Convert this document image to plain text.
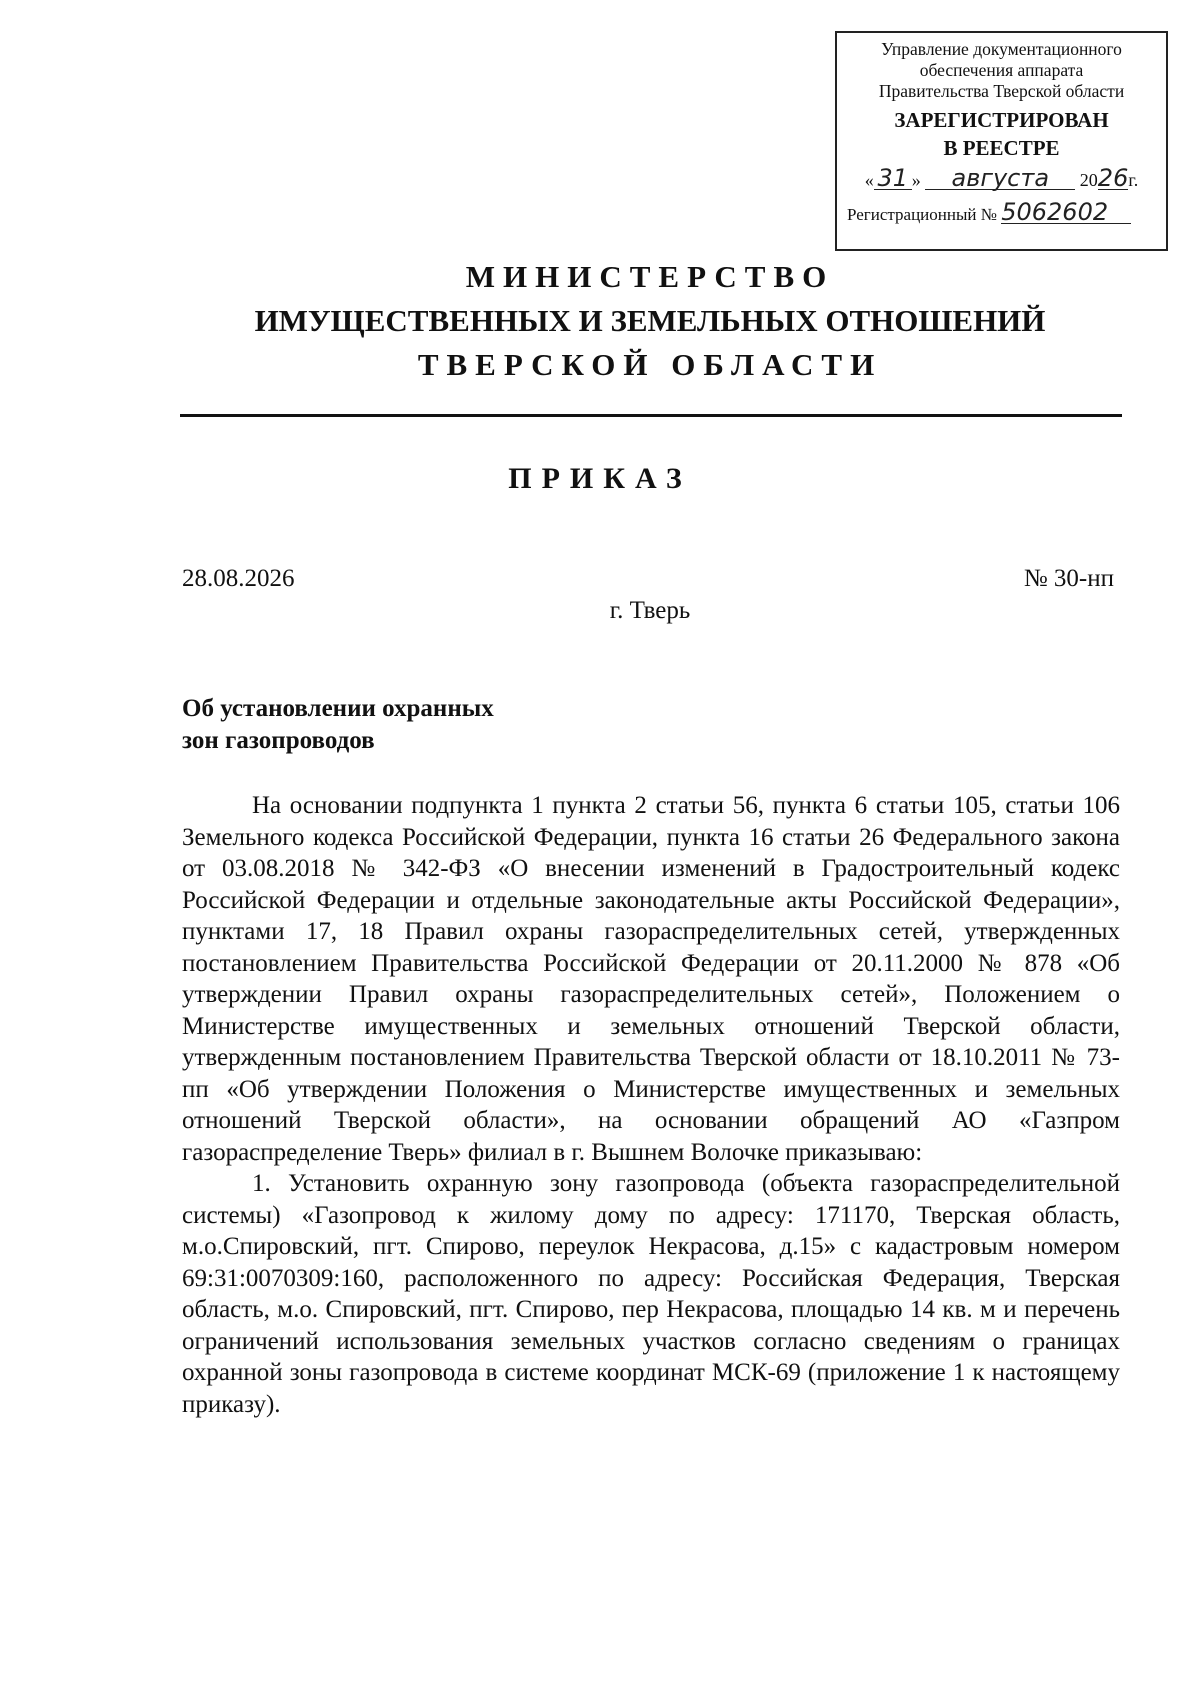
Управление документационного
обеспечения аппарата
Правительства Тверской области
ЗАРЕГИСТРИРОВАН
В РЕЕСТРЕ
« 31 » августа 2026г.
Регистрационный № 5062602
МИНИСТЕРСТВО
ИМУЩЕСТВЕННЫХ И ЗЕМЕЛЬНЫХ ОТНОШЕНИЙ
ТВЕРСКОЙ ОБЛАСТИ
ПРИКАЗ
28.08.2026	№ 30-нп
г. Тверь
Об установлении охранных
зон газопроводов

На основании подпункта 1 пункта 2 статьи 56, пункта 6 статьи 105, статьи 106 Земельного кодекса Российской Федерации, пункта 16 статьи 26 Федерального закона от 03.08.2018 № 342-ФЗ «О внесении изменений в Градостроительный кодекс Российской Федерации и отдельные законодательные акты Российской Федерации», пунктами 17, 18 Правил охраны газораспределительных сетей, утвержденных постановлением Правительства Российской Федерации от 20.11.2000 № 878 «Об утверждении Правил охраны газораспределительных сетей», Положением о Министерстве имущественных и земельных отношений Тверской области, утвержденным постановлением Правительства Тверской области от 18.10.2011 № 73-пп «Об утверждении Положения о Министерстве имущественных и земельных отношений Тверской области», на основании обращений АО «Газпром газораспределение Тверь» филиал в г. Вышнем Волочке приказываю:

1. Установить охранную зону газопровода (объекта газораспределительной системы) «Газопровод к жилому дому по адресу: 171170, Тверская область, м.о.Спировский, пгт. Спирово, переулок Некрасова, д.15» с кадастровым номером 69:31:0070309:160, расположенного по адресу: Российская Федерация, Тверская область, м.о. Спировский, пгт. Спирово, пер Некрасова, площадью 14 кв. м и перечень ограничений использования земельных участков согласно сведениям о границах охранной зоны газопровода в системе координат МСК-69 (приложение 1 к настоящему приказу).
